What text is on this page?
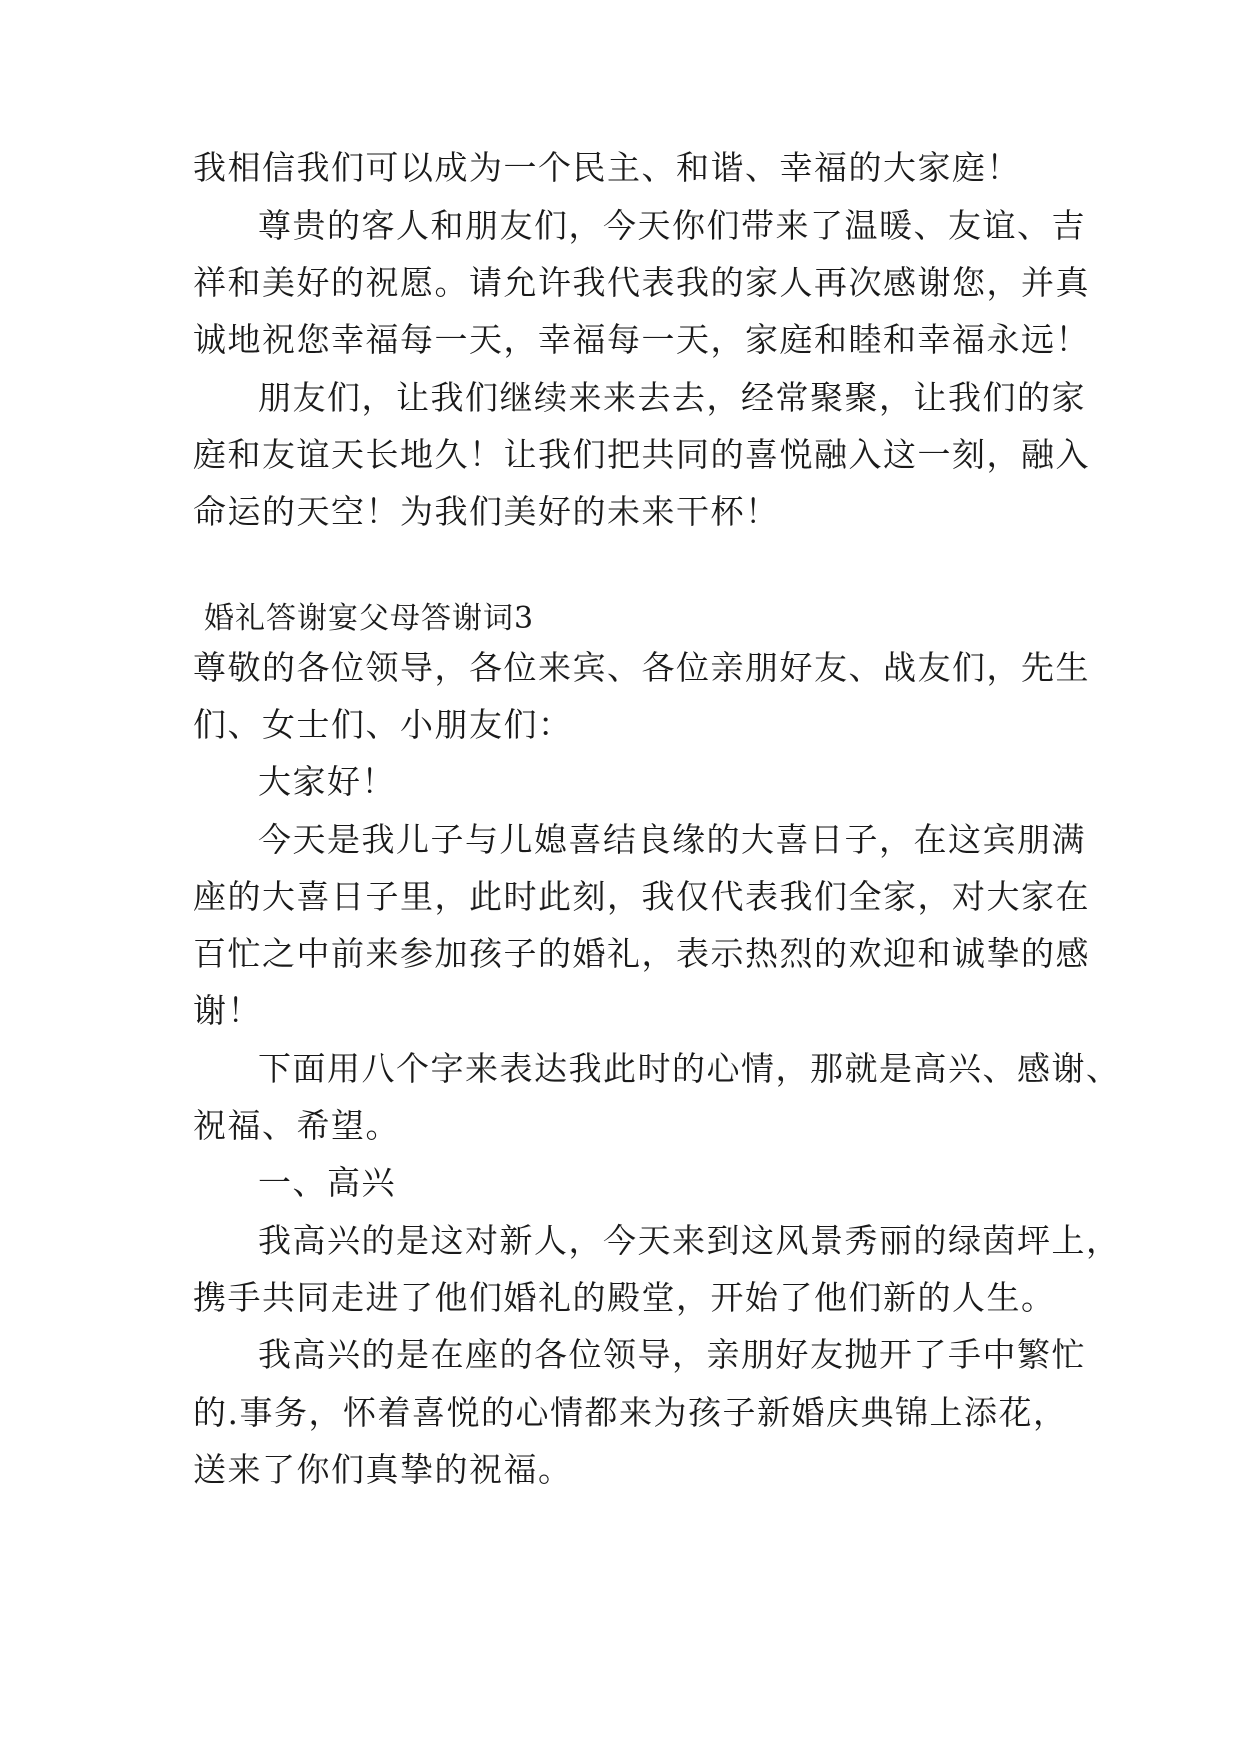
我相信我们可以成为一个民主、和谐、幸福的大家庭！
尊贵的客人和朋友们，今天你们带来了温暖、友谊、吉
祥和美好的祝愿。请允许我代表我的家人再次感谢您，并真
诚地祝您幸福每一天，幸福每一天，家庭和睦和幸福永远！
朋友们，让我们继续来来去去，经常聚聚，让我们的家
庭和友谊天长地久！让我们把共同的喜悦融入这一刻，融入
命运的天空！为我们美好的未来干杯！
婚礼答谢宴父母答谢词3
尊敬的各位领导，各位来宾、各位亲朋好友、战友们，先生
们、女士们、小朋友们：
大家好！
今天是我儿子与儿媳喜结良缘的大喜日子，在这宾朋满
座的大喜日子里，此时此刻，我仅代表我们全家，对大家在
百忙之中前来参加孩子的婚礼，表示热烈的欢迎和诚挚的感
谢！
下面用八个字来表达我此时的心情，那就是高兴、感谢、
祝福、希望。
一、高兴
我高兴的是这对新人，今天来到这风景秀丽的绿茵坪上，
携手共同走进了他们婚礼的殿堂，开始了他们新的人生。
我高兴的是在座的各位领导，亲朋好友抛开了手中繁忙
的.事务，怀着喜悦的心情都来为孩子新婚庆典锦上添花，
送来了你们真挚的祝福。
